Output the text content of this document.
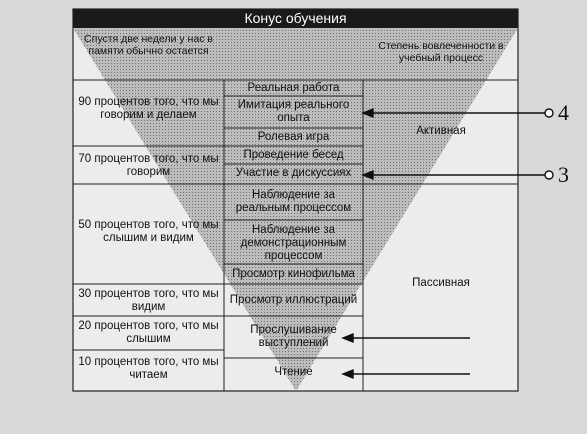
Конус обучения
Спустя две недели у нас в памяти обычно остается	Степень вовлеченности в учебный процесс
90 процентов того, что мы говорим и делаем
70 процентов того, что мы говорим
50 процентов того, что мы слышим и видим
30 процентов того, что мы видим
20 процентов того, что мы слышим
10 процентов того, что мы читаем
Реальная работа
Имитация реального опыта
Ролевая игра
Проведение бесед
Участие в дискуссиях
Наблюдение за реальным процессом
Наблюдение за демонстрационным процессом
Просмотр кинофильма
Просмотр иллюстраций
Прослушивание выступлений
Чтение
Активная
Пассивная
4
3
